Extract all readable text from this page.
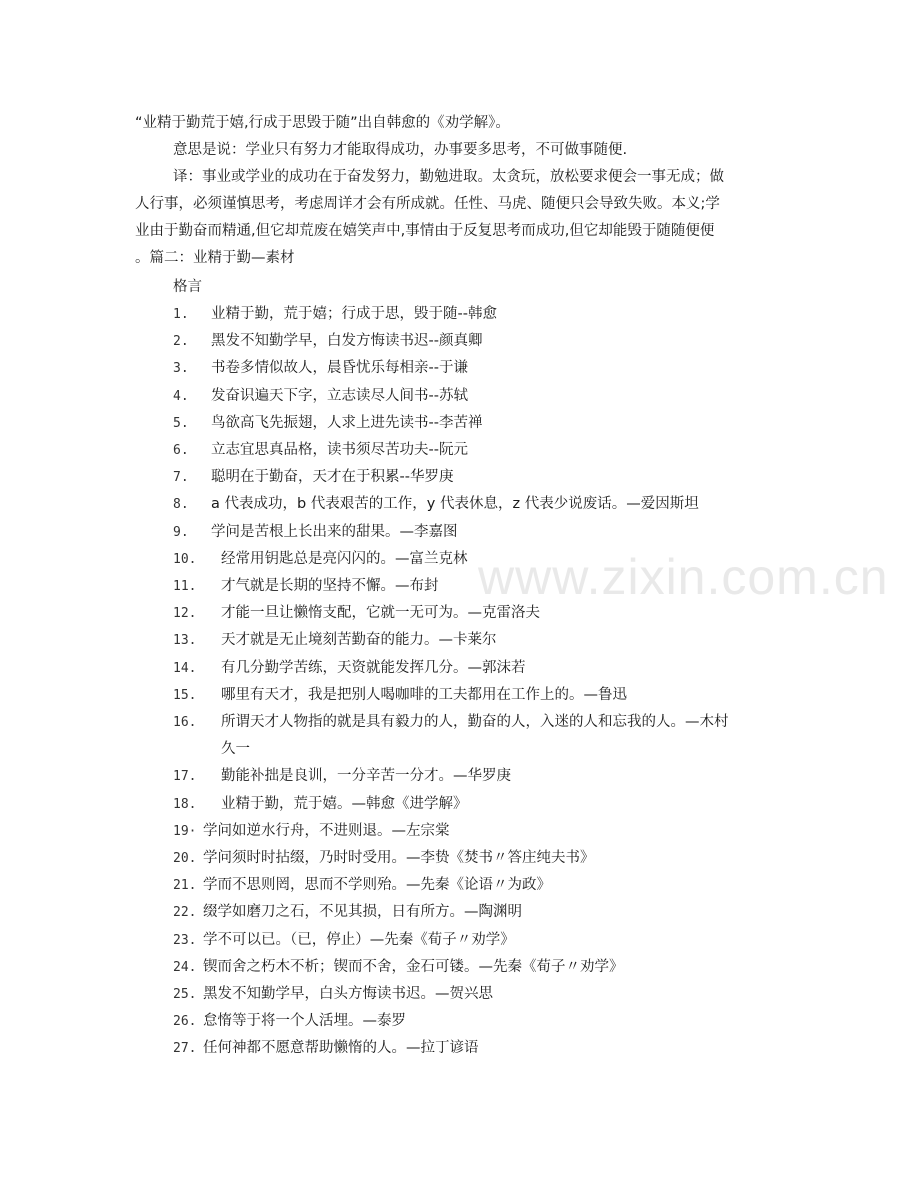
www.zixin.com.cn
“业精于勤荒于嬉,行成于思毁于随”出自韩愈的《劝学解》。
意思是说：学业只有努力才能取得成功，办事要多思考，不可做事随便.
译：事业或学业的成功在于奋发努力，勤勉进取。太贪玩，放松要求便会一事无成；做
人行事，必须谨慎思考，考虑周详才会有所成就。任性、马虎、随便只会导致失败。本义;学
业由于勤奋而精通,但它却荒废在嬉笑声中,事情由于反复思考而成功,但它却能毁于随随便便
。篇二：业精于勤—素材
格言
1. 业精于勤，荒于嬉；行成于思，毁于随--韩愈
2. 黑发不知勤学早，白发方悔读书迟--颜真卿
3. 书卷多情似故人，晨昏忧乐每相亲--于谦
4. 发奋识遍天下字，立志读尽人间书--苏轼
5. 鸟欲高飞先振翅，人求上进先读书--李苦禅
6. 立志宜思真品格，读书须尽苦功夫--阮元
7. 聪明在于勤奋，天才在于积累--华罗庚
8. a 代表成功，b 代表艰苦的工作，y 代表休息，z 代表少说废话。—爱因斯坦
9. 学问是苦根上长出来的甜果。—李嘉图
10. 经常用钥匙总是亮闪闪的。—富兰克林
11. 才气就是长期的坚持不懈。—布封
12. 才能一旦让懒惰支配，它就一无可为。—克雷洛夫
13. 天才就是无止境刻苦勤奋的能力。—卡莱尔
14. 有几分勤学苦练，天资就能发挥几分。—郭沫若
15. 哪里有天才，我是把别人喝咖啡的工夫都用在工作上的。—鲁迅
16. 所谓天才人物指的就是具有毅力的人，勤奋的人，入迷的人和忘我的人。—木村
久一
17. 勤能补拙是良训，一分辛苦一分才。—华罗庚
18. 业精于勤，荒于嬉。—韩愈《进学解》
19· 学问如逆水行舟，不进则退。—左宗棠
20. 学问须时时拈缀，乃时时受用。—李贽《焚书〃答庄纯夫书》
21. 学而不思则罔，思而不学则殆。—先秦《论语〃为政》
22. 缀学如磨刀之石，不见其损，日有所方。—陶渊明
23. 学不可以已。（已，停止）—先秦《荀子〃劝学》
24. 锲而舍之朽木不析；锲而不舍，金石可镂。—先秦《荀子〃劝学》
25. 黑发不知勤学早，白头方悔读书迟。—贺兴思
26. 怠惰等于将一个人活埋。—泰罗
27. 任何神都不愿意帮助懒惰的人。—拉丁谚语
